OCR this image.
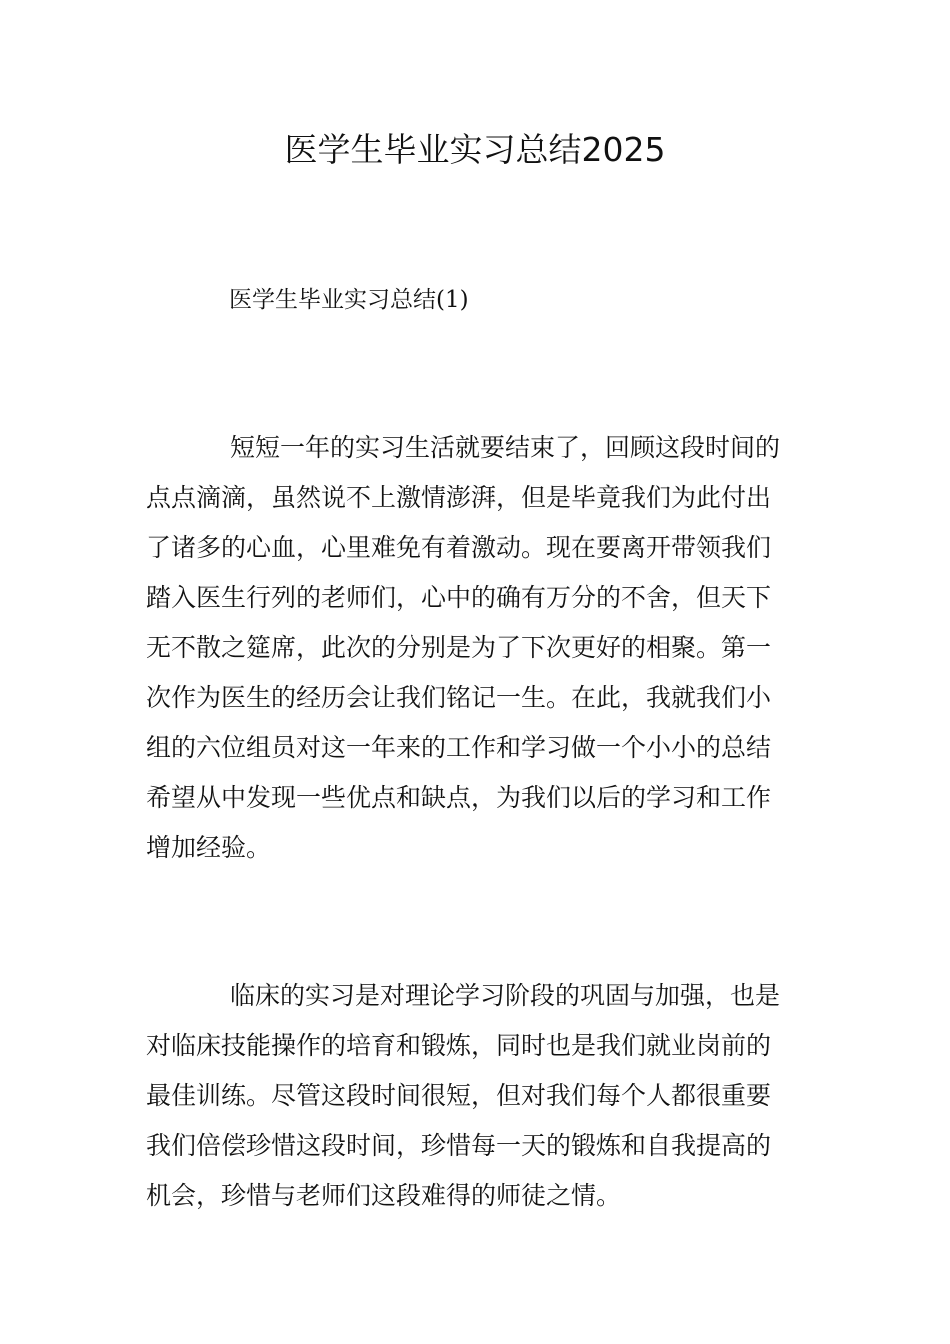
医学生毕业实习总结2025
医学生毕业实习总结(1)
短短一年的实习生活就要结束了，回顾这段时间的
点点滴滴，虽然说不上激情澎湃，但是毕竟我们为此付出
了诸多的心血，心里难免有着激动。现在要离开带领我们
踏入医生行列的老师们，心中的确有万分的不舍，但天下
无不散之筵席，此次的分别是为了下次更好的相聚。第一
次作为医生的经历会让我们铭记一生。在此，我就我们小
组的六位组员对这一年来的工作和学习做一个小小的总结
希望从中发现一些优点和缺点，为我们以后的学习和工作
增加经验。
临床的实习是对理论学习阶段的巩固与加强，也是
对临床技能操作的培育和锻炼，同时也是我们就业岗前的
最佳训练。尽管这段时间很短，但对我们每个人都很重要
我们倍偿珍惜这段时间，珍惜每一天的锻炼和自我提高的
机会，珍惜与老师们这段难得的师徒之情。
